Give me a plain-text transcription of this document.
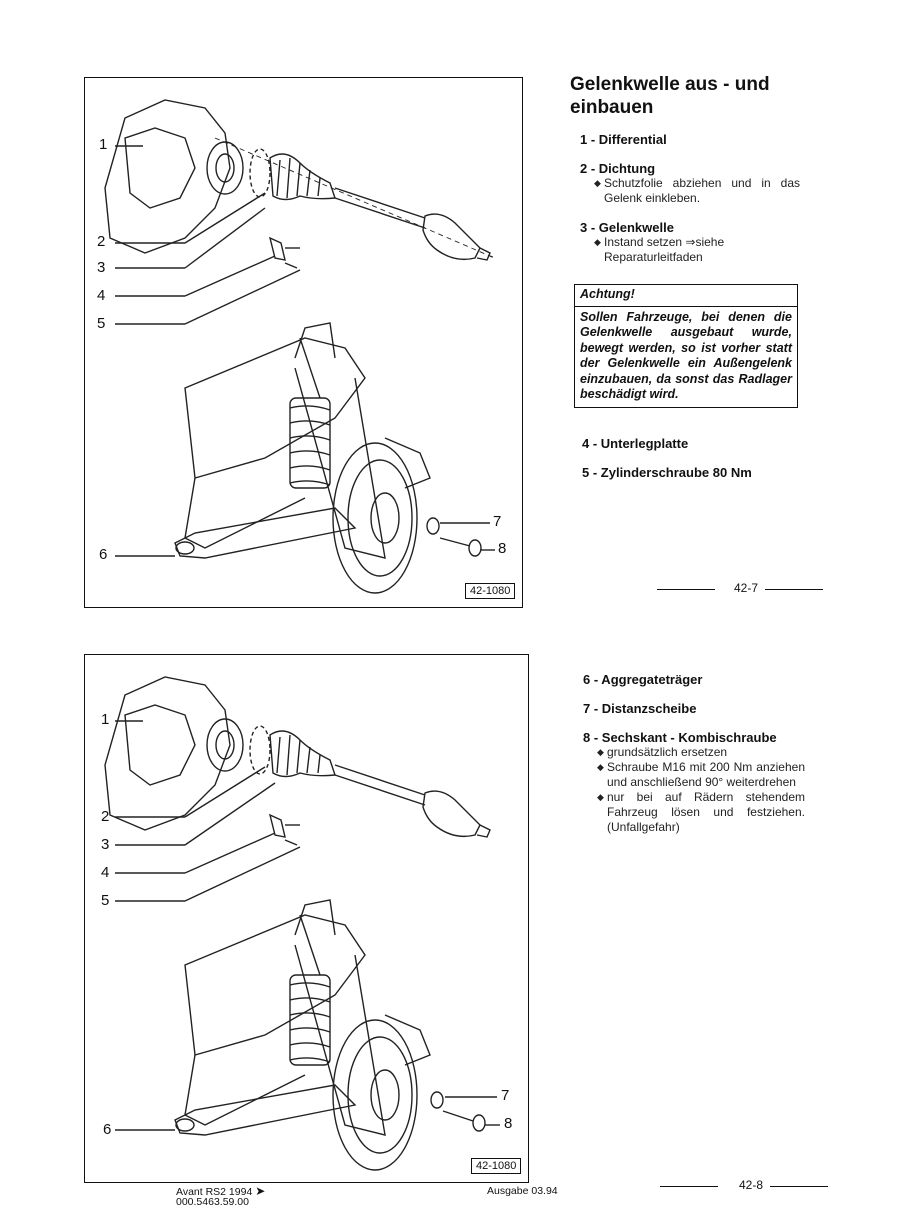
1
2
3
4
5
6
7
8
42-1080
Gelenkwelle aus - und einbauen
1 - Differential
2 - Dichtung
◆ Schutzfolie abziehen und in das Gelenk einkleben.
3 - Gelenkwelle
◆ Instand setzen ⇒siehe Reparaturleitfaden
Achtung!
Sollen Fahrzeuge, bei denen die Gelenkwelle ausgebaut wurde, bewegt werden, so ist vorher statt der Gelenkwelle ein Außengelenk einzubauen, da sonst das Radlager beschädigt wird.
4 - Unterlegplatte
5 - Zylinderschraube 80 Nm
42-7
1
2
3
4
5
6
7
8
42-1080
6 - Aggregateträger
7 - Distanzscheibe
8 - Sechskant - Kombischraube
◆ grundsätzlich ersetzen
◆ Schraube M16 mit 200 Nm anziehen und anschließend 90° weiterdrehen
◆ nur bei auf Rädern stehendem Fahrzeug lösen und festziehen. (Unfallgefahr)
42-8
Avant RS2 1994 ➤
000.5463.59.00
Ausgabe 03.94
